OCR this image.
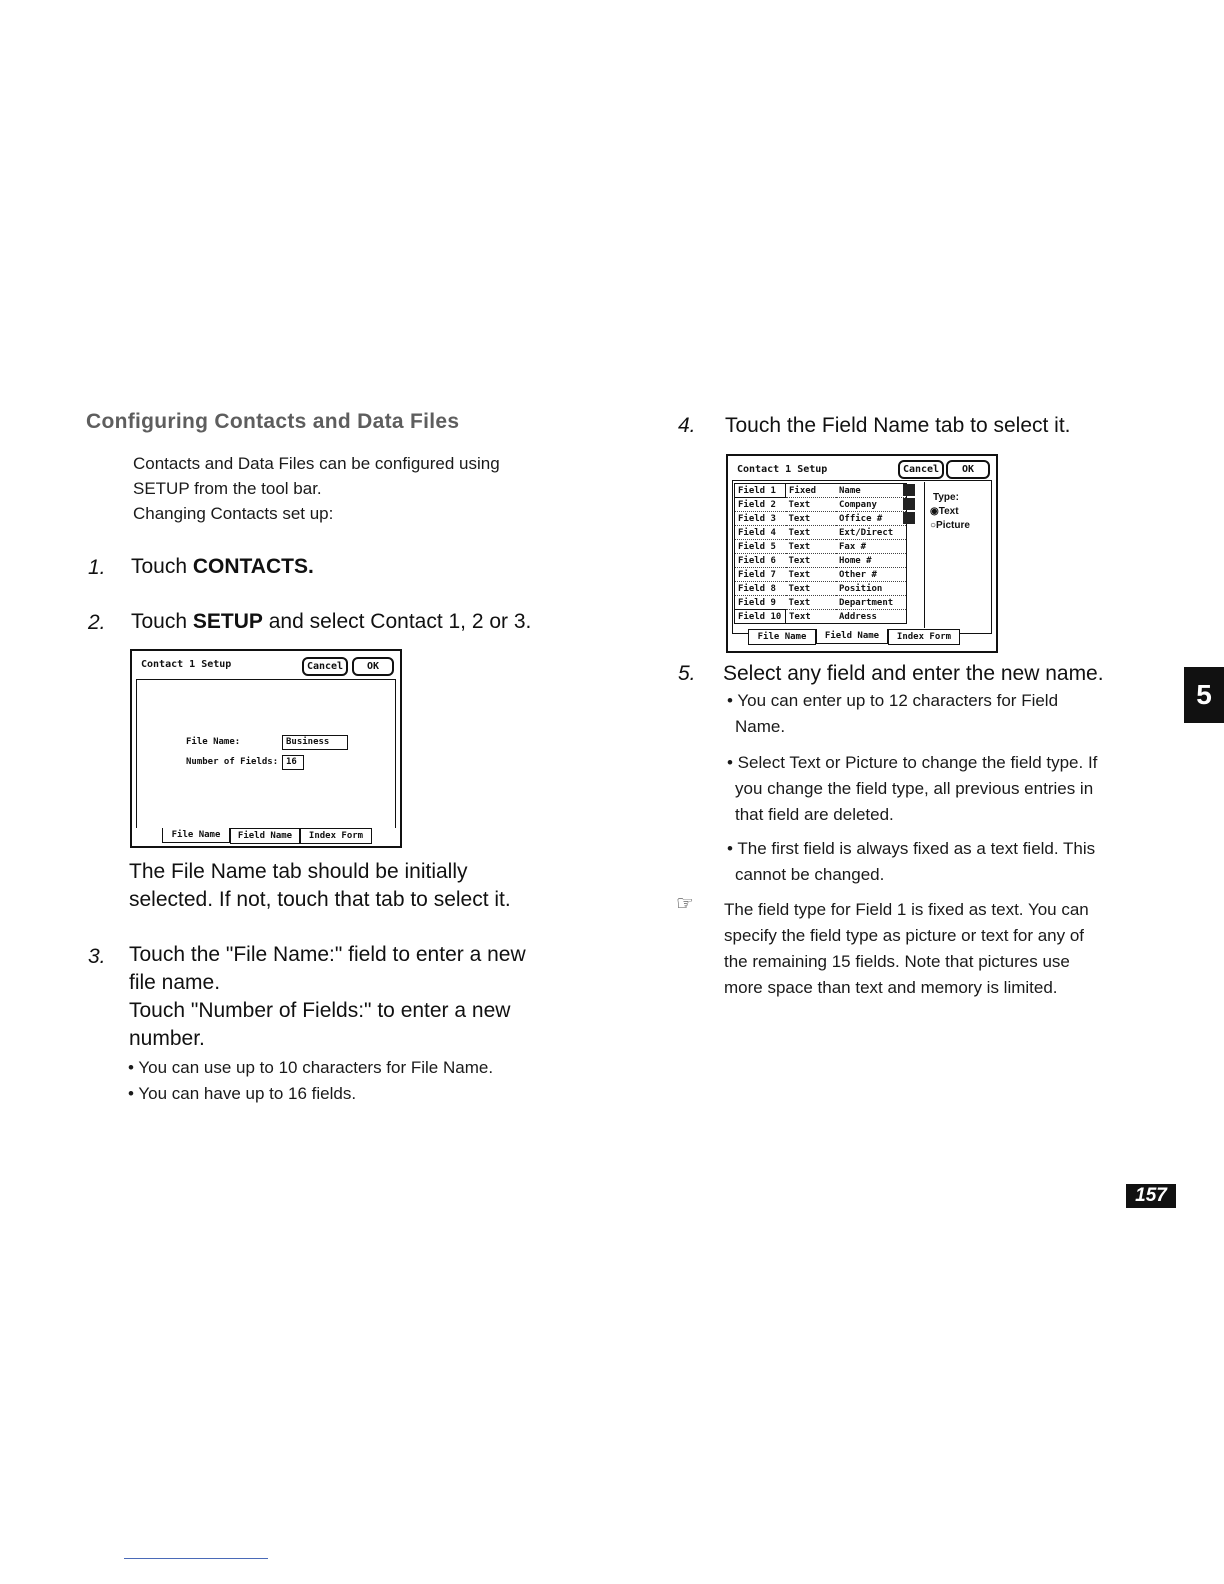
Configuring Contacts and Data Files
Contacts and Data Files can be configured using
SETUP from the tool bar.
Changing Contacts set up:
1. Touch CONTACTS.
2. Touch SETUP and select Contact 1, 2 or 3.
Contact 1 Setup	Cancel	OK
File Name:	Business
Number of Fields: 16
File Name	Field Name	Index Form
The File Name tab should be initially
selected. If not, touch that tab to select it.
3. Touch the "File Name:" field to enter a new
file name.
Touch "Number of Fields:" to enter a new
number.
• You can use up to 10 characters for File Name.
• You can have up to 16 fields.
4. Touch the Field Name tab to select it.
Contact 1 Setup	Cancel	OK
Field 1	Fixed	Name
Field 2	Text	Company
Field 3	Text	Office #
Field 4	Text	Ext/Direct
Field 5	Text	Fax #
Field 6	Text	Home #
Field 7	Text	Other #
Field 8	Text	Position
Field 9	Text	Department
Field 10	Text	Address
Type:
◉Text
○Picture
File Name	Field Name	Index Form
5. Select any field and enter the new name.
• You can enter up to 12 characters for Field
Name.
• Select Text or Picture to change the field type. If
you change the field type, all previous entries in
that field are deleted.
• The first field is always fixed as a text field. This
cannot be changed.
☞ The field type for Field 1 is fixed as text. You can
specify the field type as picture or text for any of
the remaining 15 fields. Note that pictures use
more space than text and memory is limited.
5
157
